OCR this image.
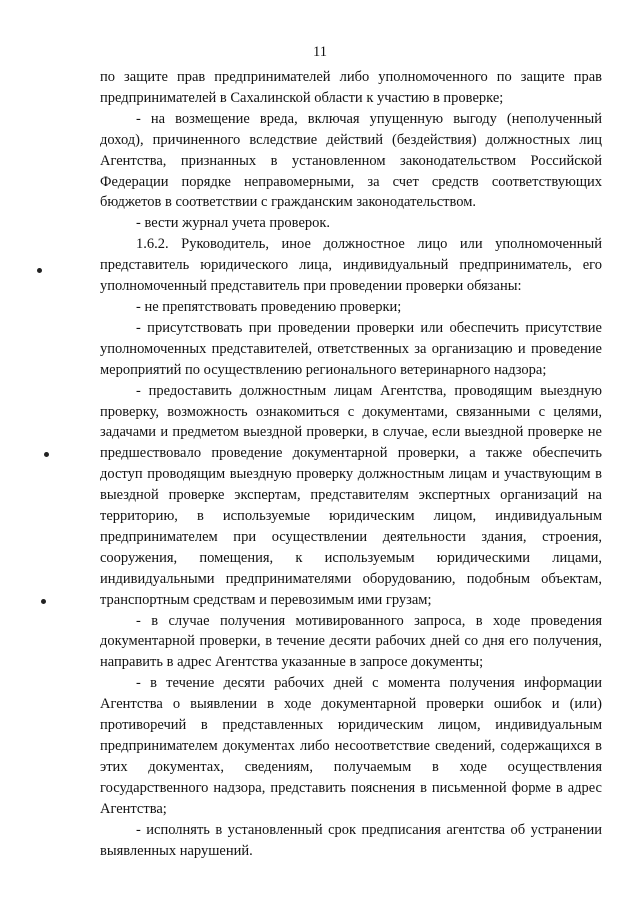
11

по защите прав предпринимателей либо уполномоченного по защите прав предпринимателей в Сахалинской области к участию в проверке;

- на возмещение вреда, включая упущенную выгоду (неполученный доход), причиненного вследствие действий (бездействия) должностных лиц Агентства, признанных в установленном законодательством Российской Федерации порядке неправомерными, за счет средств соответствующих бюджетов в соответствии с гражданским законодательством.

- вести журнал учета проверок.

1.6.2. Руководитель, иное должностное лицо или уполномоченный представитель юридического лица, индивидуальный предприниматель, его уполномоченный представитель при проведении проверки обязаны:

- не препятствовать проведению проверки;

- присутствовать при проведении проверки или обеспечить присутствие уполномоченных представителей, ответственных за организацию и проведение мероприятий по осуществлению регионального ветеринарного надзора;

- предоставить должностным лицам Агентства, проводящим выездную проверку, возможность ознакомиться с документами, связанными с целями, задачами и предметом выездной проверки, в случае, если выездной проверке не предшествовало проведение документарной проверки, а также обеспечить доступ проводящим выездную проверку должностным лицам и участвующим в выездной проверке экспертам, представителям экспертных организаций на территорию, в используемые юридическим лицом, индивидуальным предпринимателем при осуществлении деятельности здания, строения, сооружения, помещения, к используемым юридическими лицами, индивидуальными предпринимателями оборудованию, подобным объектам, транспортным средствам и перевозимым ими грузам;

- в случае получения мотивированного запроса, в ходе проведения документарной проверки, в течение десяти рабочих дней со дня его получения, направить в адрес Агентства указанные в запросе документы;

- в течение десяти рабочих дней с момента получения информации Агентства о выявлении в ходе документарной проверки ошибок и (или) противоречий в представленных юридическим лицом, индивидуальным предпринимателем документах либо несоответствие сведений, содержащихся в этих документах, сведениям, получаемым в ходе осуществления государственного надзора, представить пояснения в письменной форме в адрес Агентства;

- исполнять в установленный срок предписания агентства об устранении выявленных нарушений.
